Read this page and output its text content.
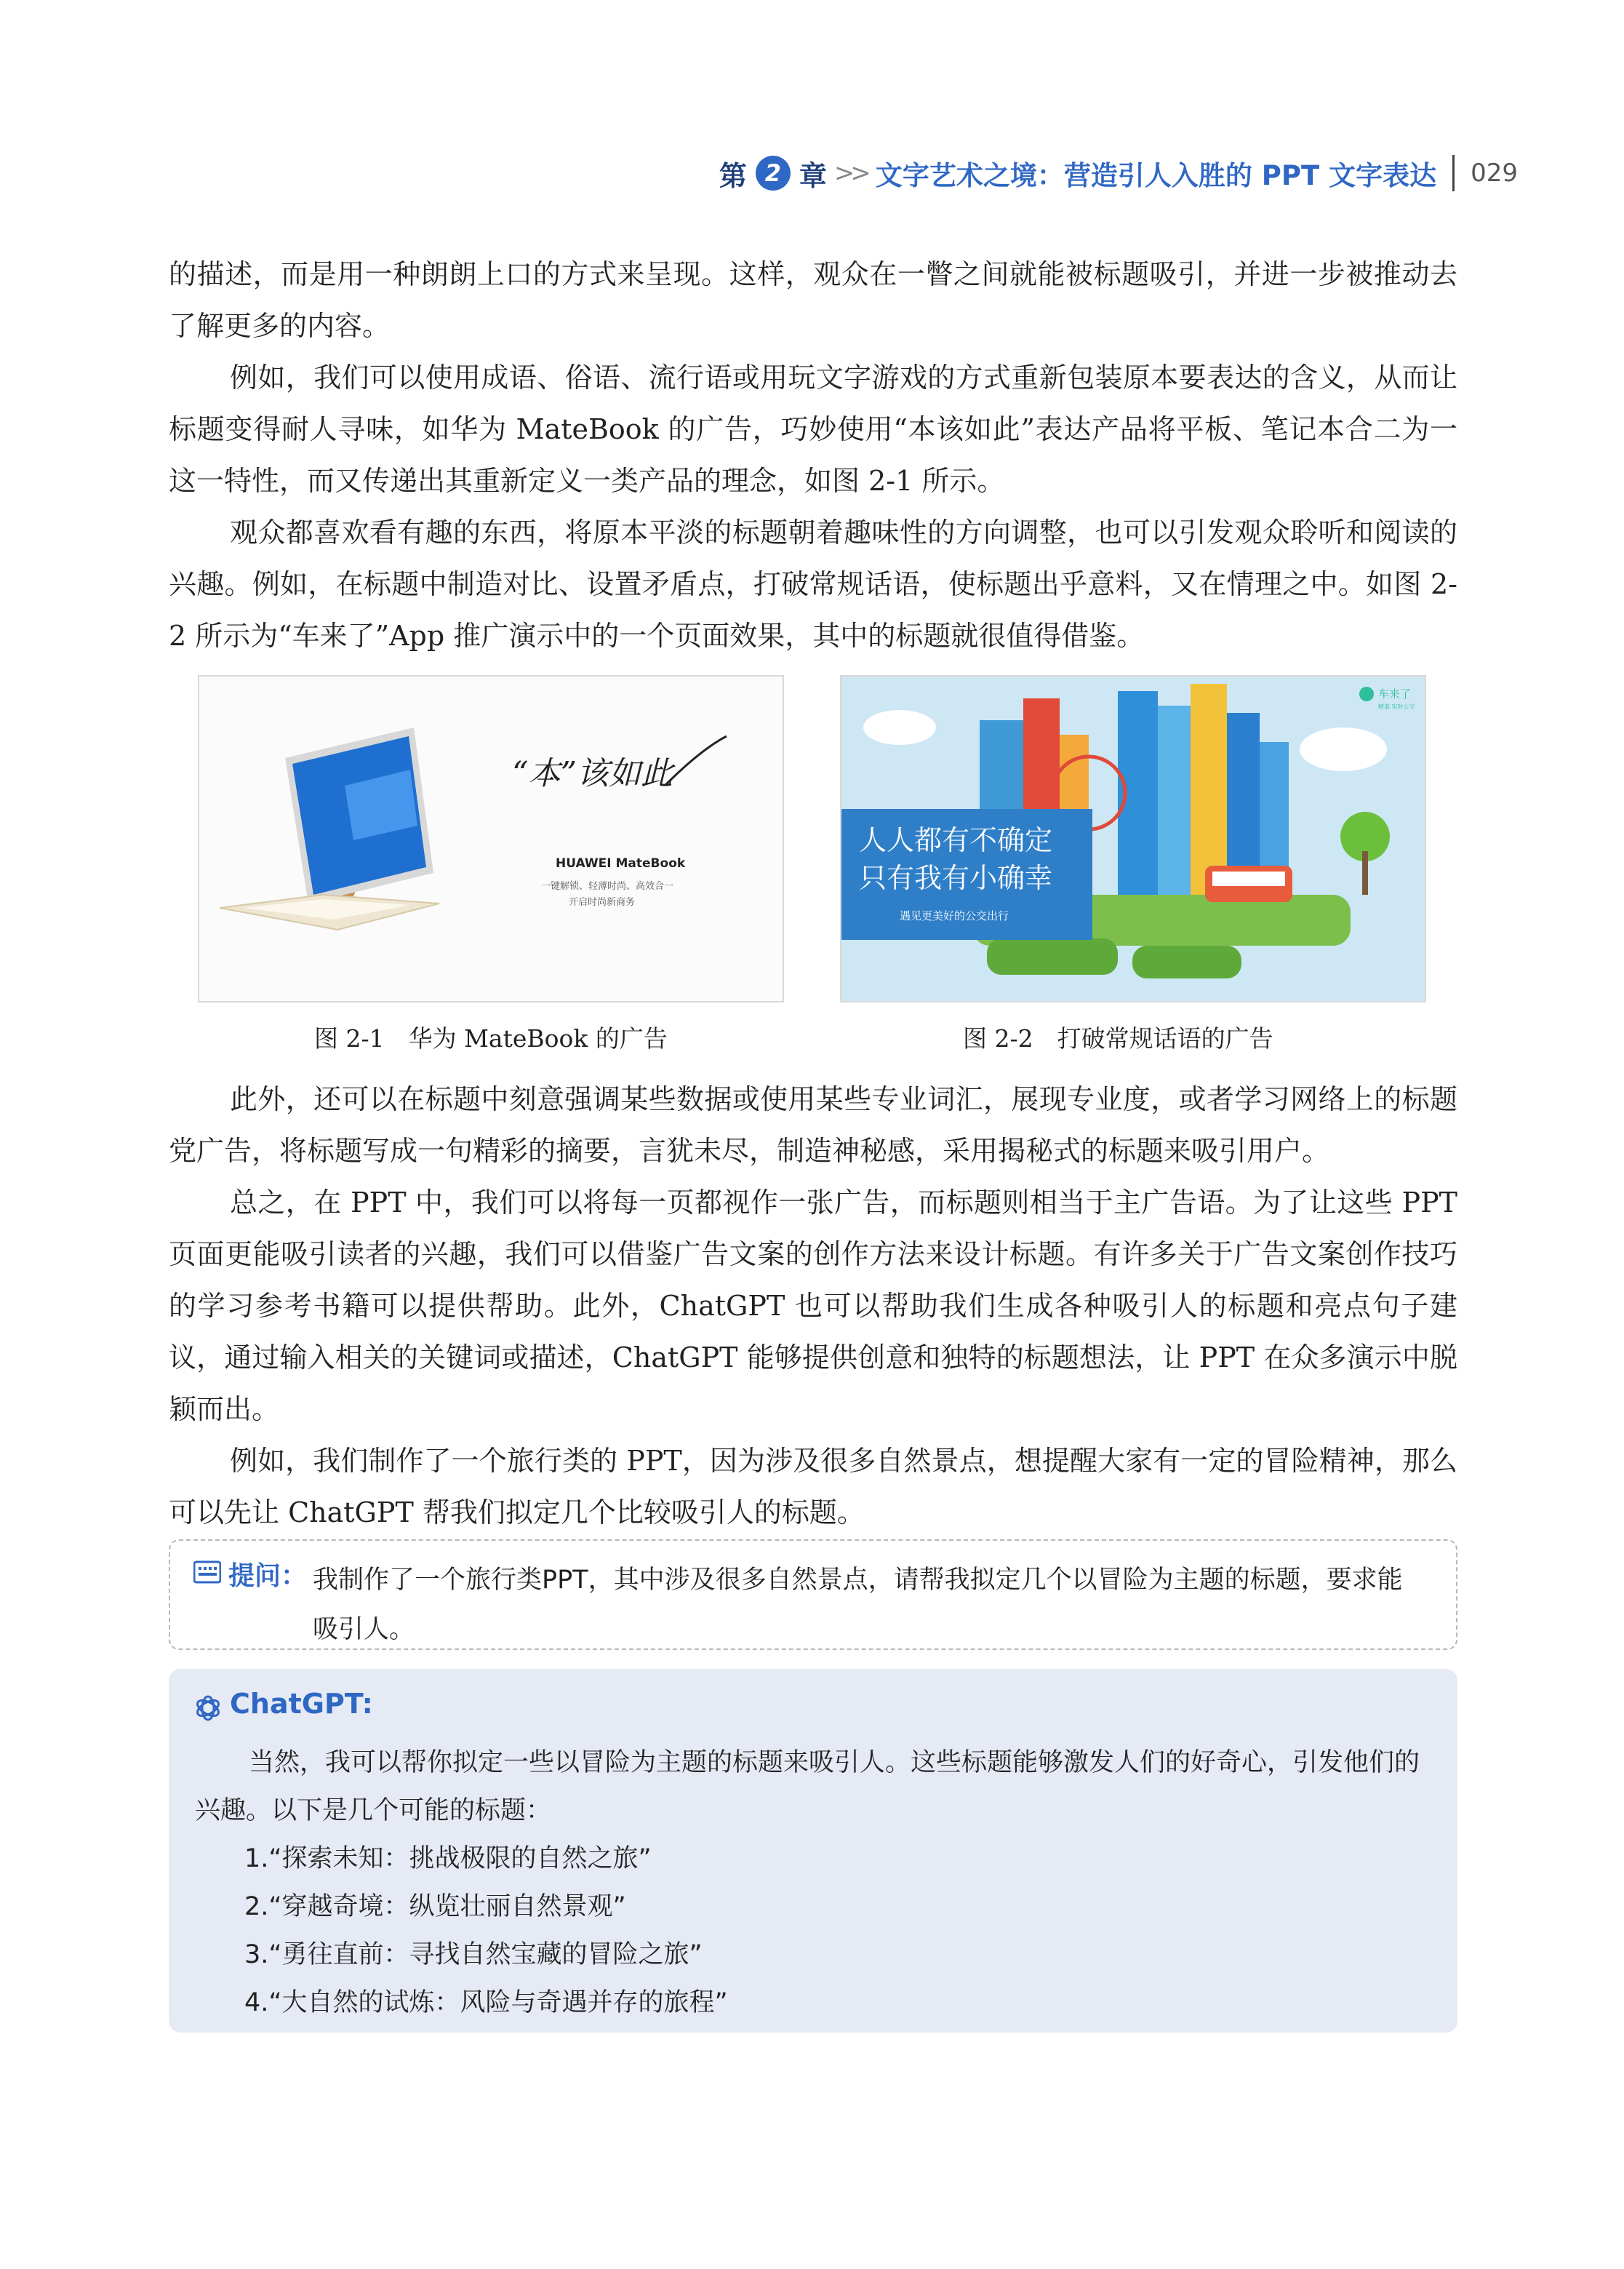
第 2 章 >> 文字艺术之境：营造引人入胜的 PPT 文字表达 029

的描述，而是用一种朗朗上口的方式来呈现。这样，观众在一瞥之间就能被标题吸引，并进一步被推动去了解更多的内容。

例如，我们可以使用成语、俗语、流行语或用玩文字游戏的方式重新包装原本要表达的含义，从而让标题变得耐人寻味，如华为 MateBook 的广告，巧妙使用“本该如此”表达产品将平板、笔记本合二为一这一特性，而又传递出其重新定义一类产品的理念，如图 2-1 所示。

观众都喜欢看有趣的东西，将原本平淡的标题朝着趣味性的方向调整，也可以引发观众聆听和阅读的兴趣。例如，在标题中制造对比、设置矛盾点，打破常规话语，使标题出乎意料，又在情理之中。如图 2-2 所示为“车来了”App 推广演示中的一个页面效果，其中的标题就很值得借鉴。

“本”该如此
HUAWEI MateBook
一键解锁、轻薄时尚、高效合一
开启时尚新商务
人人都有不确定
只有我有小确幸
遇见更美好的公交出行
车来了
精准 实时公交
图 2-1　华为 MateBook 的广告	图 2-2　打破常规话语的广告

此外，还可以在标题中刻意强调某些数据或使用某些专业词汇，展现专业度，或者学习网络上的标题党广告，将标题写成一句精彩的摘要，言犹未尽，制造神秘感，采用揭秘式的标题来吸引用户。

总之，在 PPT 中，我们可以将每一页都视作一张广告，而标题则相当于主广告语。为了让这些 PPT 页面更能吸引读者的兴趣，我们可以借鉴广告文案的创作方法来设计标题。有许多关于广告文案创作技巧的学习参考书籍可以提供帮助。此外，ChatGPT 也可以帮助我们生成各种吸引人的标题和亮点句子建议，通过输入相关的关键词或描述，ChatGPT 能够提供创意和独特的标题想法，让 PPT 在众多演示中脱颖而出。

例如，我们制作了一个旅行类的 PPT，因为涉及很多自然景点，想提醒大家有一定的冒险精神，那么可以先让 ChatGPT 帮我们拟定几个比较吸引人的标题。

提问： 我制作了一个旅行类PPT，其中涉及很多自然景点，请帮我拟定几个以冒险为主题的标题，要求能吸引人。
ChatGPT:

当然，我可以帮你拟定一些以冒险为主题的标题来吸引人。这些标题能够激发人们的好奇心，引发他们的兴趣。以下是几个可能的标题：

1.“探索未知：挑战极限的自然之旅”
2.“穿越奇境：纵览壮丽自然景观”
3.“勇往直前：寻找自然宝藏的冒险之旅”
4.“大自然的试炼：风险与奇遇并存的旅程”
